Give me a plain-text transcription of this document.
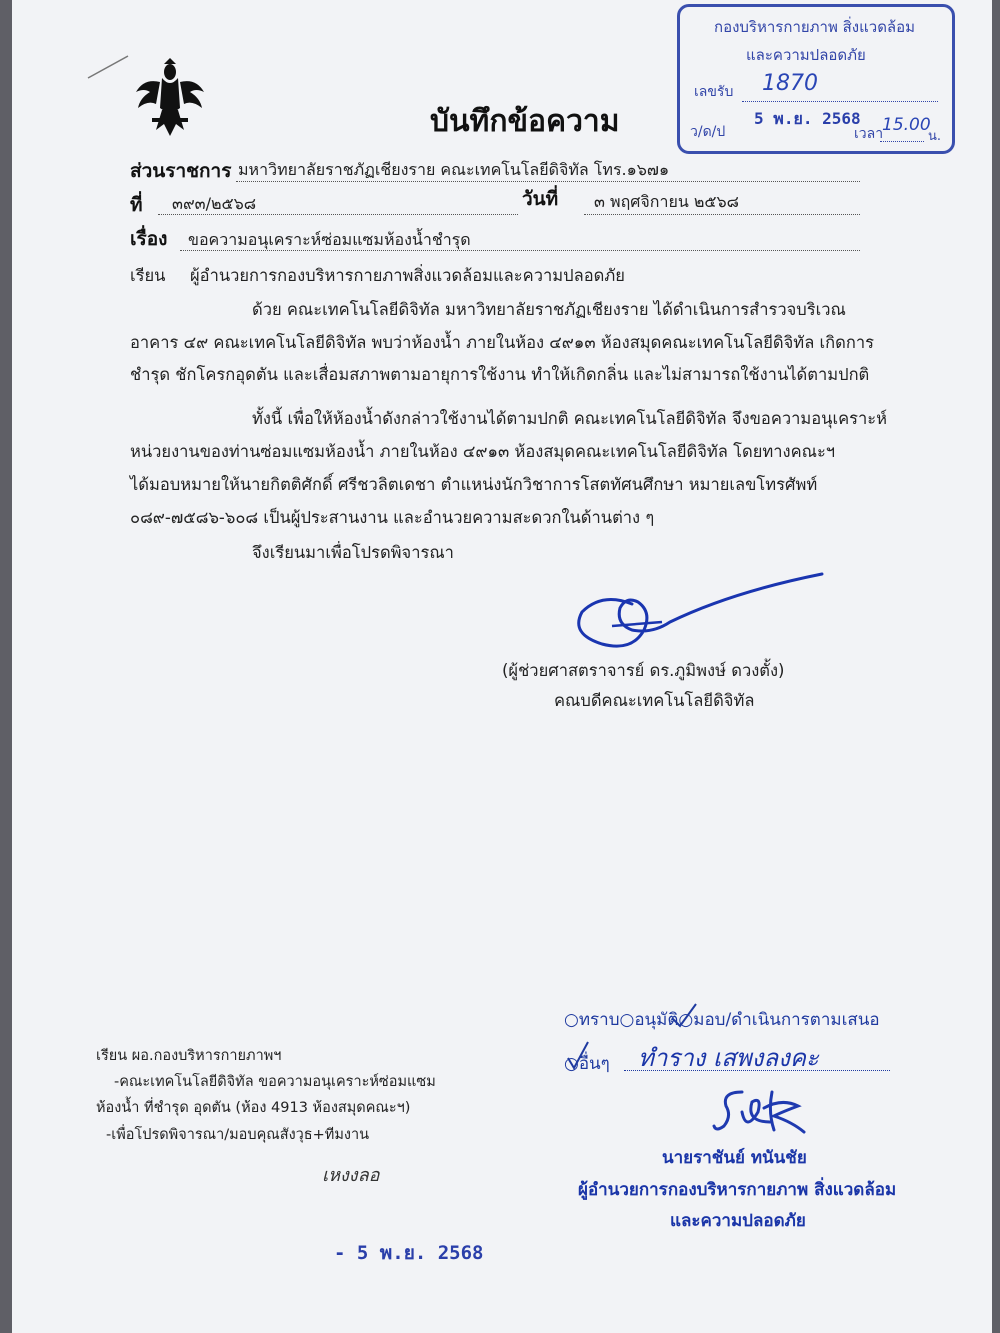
บันทึกข้อความ
กองบริหารกายภาพ สิ่งแวดล้อม
และความปลอดภัย
เลขรับ 1870
ว/ด/ป
5 พ.ย. 2568
เวลา
15.00
น.
ส่วนราชการ มหาวิทยาลัยราชภัฏเชียงราย คณะเทคโนโลยีดิจิทัล โทร.๑๖๗๑
ที่ ๓๙๓/๒๕๖๘	วันที่ ๓ พฤศจิกายน ๒๕๖๘
เรื่อง ขอความอนุเคราะห์ซ่อมแซมห้องน้ำชำรุด
เรียน ผู้อำนวยการกองบริหารกายภาพสิ่งแวดล้อมและความปลอดภัย
ด้วย คณะเทคโนโลยีดิจิทัล มหาวิทยาลัยราชภัฏเชียงราย ได้ดำเนินการสำรวจบริเวณ
อาคาร ๔๙ คณะเทคโนโลยีดิจิทัล พบว่าห้องน้ำ ภายในห้อง ๔๙๑๓ ห้องสมุดคณะเทคโนโลยีดิจิทัล เกิดการ
ชำรุด ชักโครกอุดตัน และเสื่อมสภาพตามอายุการใช้งาน ทำให้เกิดกลิ่น และไม่สามารถใช้งานได้ตามปกติ
ทั้งนี้ เพื่อให้ห้องน้ำดังกล่าวใช้งานได้ตามปกติ คณะเทคโนโลยีดิจิทัล จึงขอความอนุเคราะห์
หน่วยงานของท่านซ่อมแซมห้องน้ำ ภายในห้อง ๔๙๑๓ ห้องสมุดคณะเทคโนโลยีดิจิทัล โดยทางคณะฯ
ได้มอบหมายให้นายกิตติศักดิ์ ศรีชวลิตเดชา ตำแหน่งนักวิชาการโสตทัศนศึกษา หมายเลขโทรศัพท์
๐๘๙-๗๕๘๖-๖๐๘ เป็นผู้ประสานงาน และอำนวยความสะดวกในด้านต่าง ๆ
จึงเรียนมาเพื่อโปรดพิจารณา
(ผู้ช่วยศาสตราจารย์ ดร.ภูมิพงษ์ ดวงตั้ง)
คณบดีคณะเทคโนโลยีดิจิทัล
○ทราบ○อนุมัติ○มอบ/ดำเนินการตามเสนอ
○อื่นๆ ทำราง เสพงลงคะ
นายราชันย์ ทนันชัย
ผู้อำนวยการกองบริหารกายภาพ สิ่งแวดล้อม
และความปลอดภัย
เรียน ผอ.กองบริหารกายภาพฯ
-คณะเทคโนโลยีดิจิทัล ขอความอนุเคราะห์ซ่อมแซม
ห้องน้ำ ที่ชำรุด อุดตัน (ห้อง 4913 ห้องสมุดคณะฯ)
-เพื่อโปรดพิจารณา/มอบคุณสังวุธ+ทีมงาน
เหงงลอ
- 5 พ.ย. 2568
